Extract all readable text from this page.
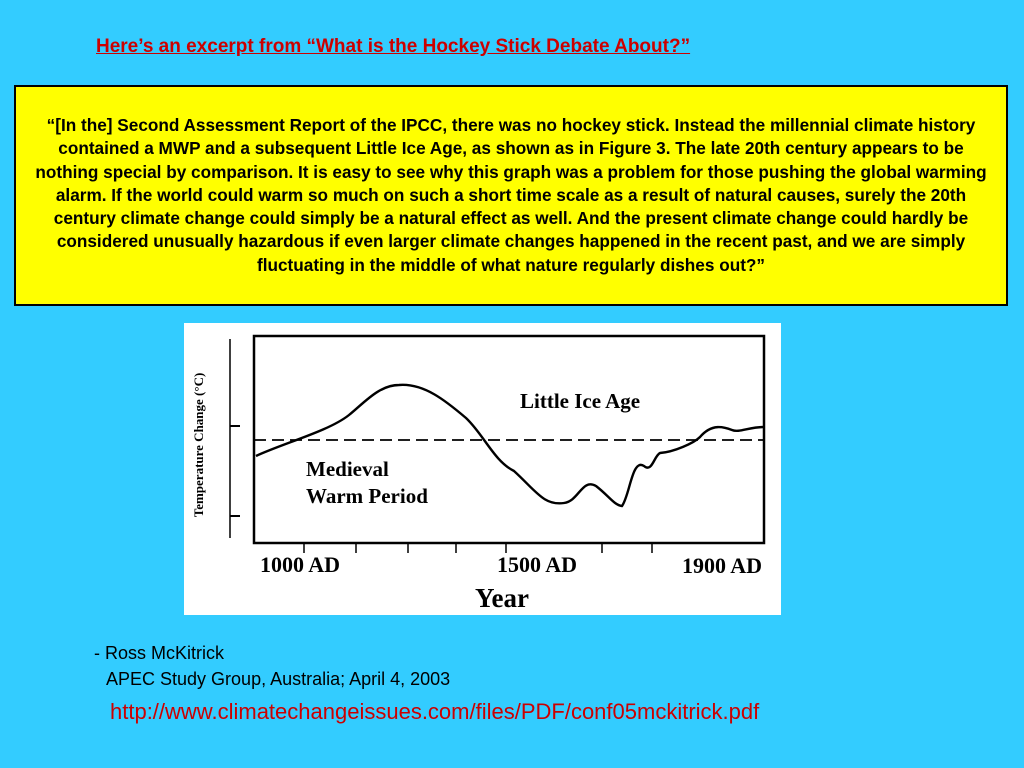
Here’s an excerpt from “What is the Hockey Stick Debate About?”

“[In the] Second Assessment Report of the IPCC, there was no hockey stick. Instead the millennial climate history contained a MWP and a subsequent Little Ice Age, as shown as in Figure 3. The late 20th century appears to be nothing special by comparison. It is easy to see why this graph was a problem for those pushing the global warming alarm. If the world could warm so much on such a short time scale as a result of natural causes, surely the 20th century climate change could simply be a natural effect as well. And the present climate change could hardly be considered unusually hazardous if even larger climate changes happened in the recent past, and we are simply fluctuating in the middle of what nature regularly dishes out?”

Temperature Change (°C)	Little Ice Age
Medieval
Warm Period
1000 AD	1500 AD	1900 AD
Year
- Ross McKitrick
APEC Study Group, Australia; April 4, 2003
http://www.climatechangeissues.com/files/PDF/conf05mckitrick.pdf
